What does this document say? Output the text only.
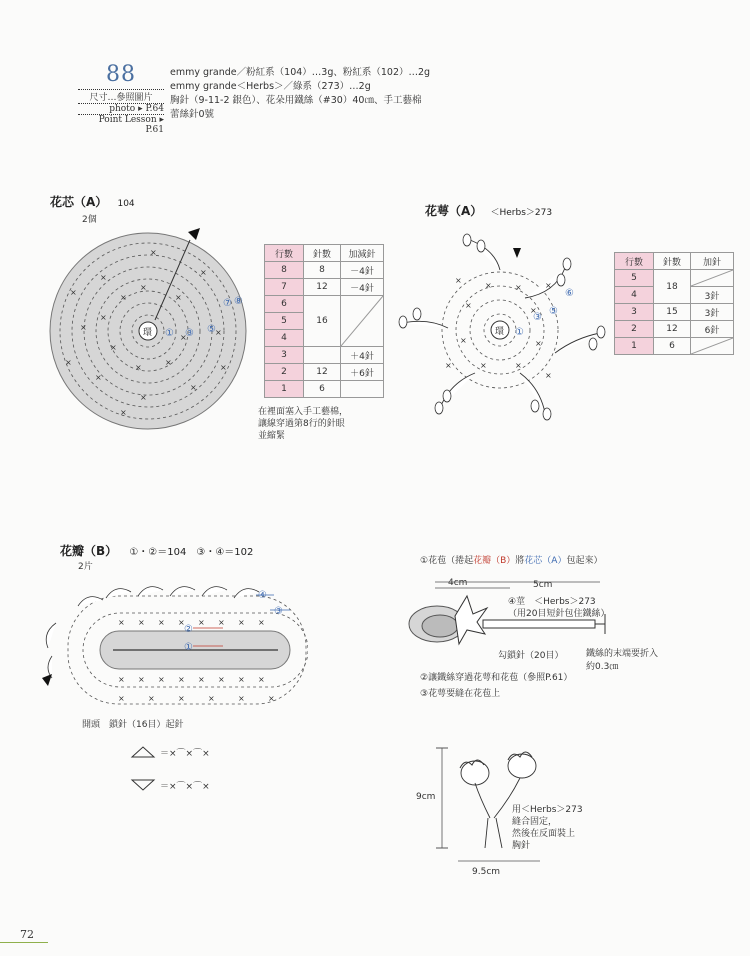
88
尺寸…參照圖片
photo ▸ P.64
Point Lesson ▸ P.61
emmy grande／粉紅系（104）…3g、粉紅系（102）…2g
emmy grande＜Herbs＞／綠系（273）…2g
胸針（9-11-2 銀色）、花朵用鐵絲（#30）40㎝、手工藝棉
蕾絲針0號
花芯（A） 104
2個
×
×
×
×
×
×
×
×
×
×
×
×
×
×
×
×
×
×
×
×
環 ① ③ ⑤
⑦ ⑧
行數	針數	加減針
8	8	－4針
7	12	－4針
6	16	

5		
4		
3		＋4針
2	12	＋6針
1	6	
在裡面塞入手工藝棉，
讓線穿過第8行的針眼
並縮緊
花萼（A） ＜Herbs＞273
×	×
×
×
×	×
×	×
×
×
×
×
環 ①
③
⑤
⑥
行數	針數	加針
5	18	

4		3針
3	15	3針
2	12	6針
1	6	
花瓣（B） ①・②＝104　③・④＝102
2片
× × × × × × × ×
× × × × × × × ×
×	×	×	×	×	×
①
②
③
④
開頭　鎖針（16目）起針
＝×⌒×⌒×
＝×⌒×⌒×
①花苞（捲起花瓣（B）將花芯（A）包起來）
4cm	5cm
④莖　＜Herbs＞273
（用20目短針包住鐵絲）
勾鎖針（20目）	鐵絲的末端要折入
約0.3㎝
②讓鐵絲穿過花萼和花苞（參照P.61）
③花萼要縫在花苞上
9cm
9.5cm
用＜Herbs＞273
縫合固定，
然後在反面裝上
胸針
72
